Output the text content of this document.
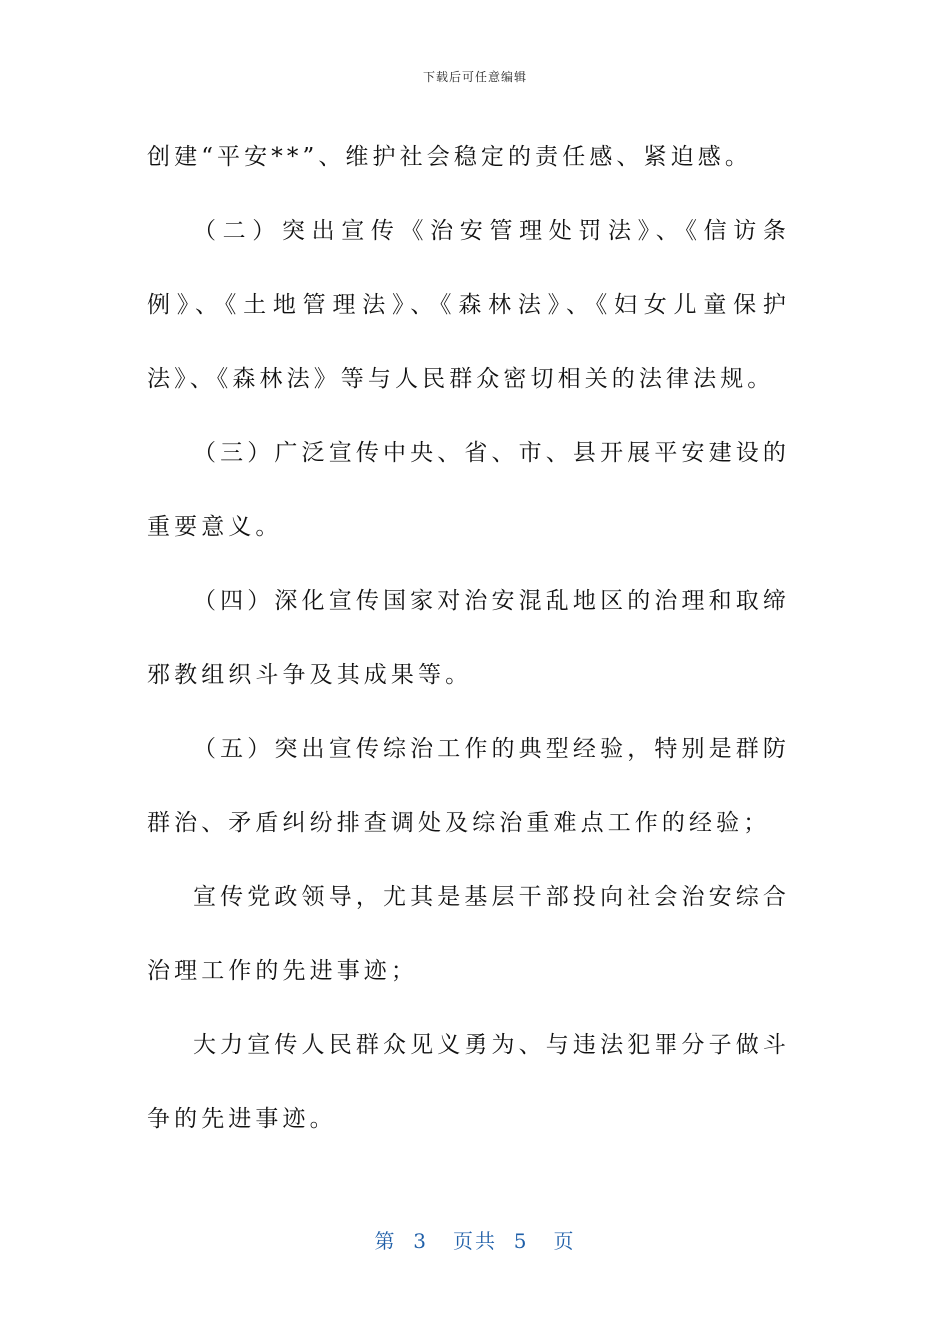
下载后可任意编辑

创建“平安**”、维护社会稳定的责任感、紧迫感。

（二）突出宣传《治安管理处罚法》、《信访条例》、《土地管理法》、《森林法》、《妇女儿童保护法》、《森林法》等与人民群众密切相关的法律法规。

（三）广泛宣传中央、省、市、县开展平安建设的重要意义。

（四）深化宣传国家对治安混乱地区的治理和取缔邪教组织斗争及其成果等。

（五）突出宣传综治工作的典型经验，特别是群防群治、矛盾纠纷排查调处及综治重难点工作的经验；

宣传党政领导，尤其是基层干部投向社会治安综合治理工作的先进事迹；

大力宣传人民群众见义勇为、与违法犯罪分子做斗争的先进事迹。

第 3 页共 5 页
